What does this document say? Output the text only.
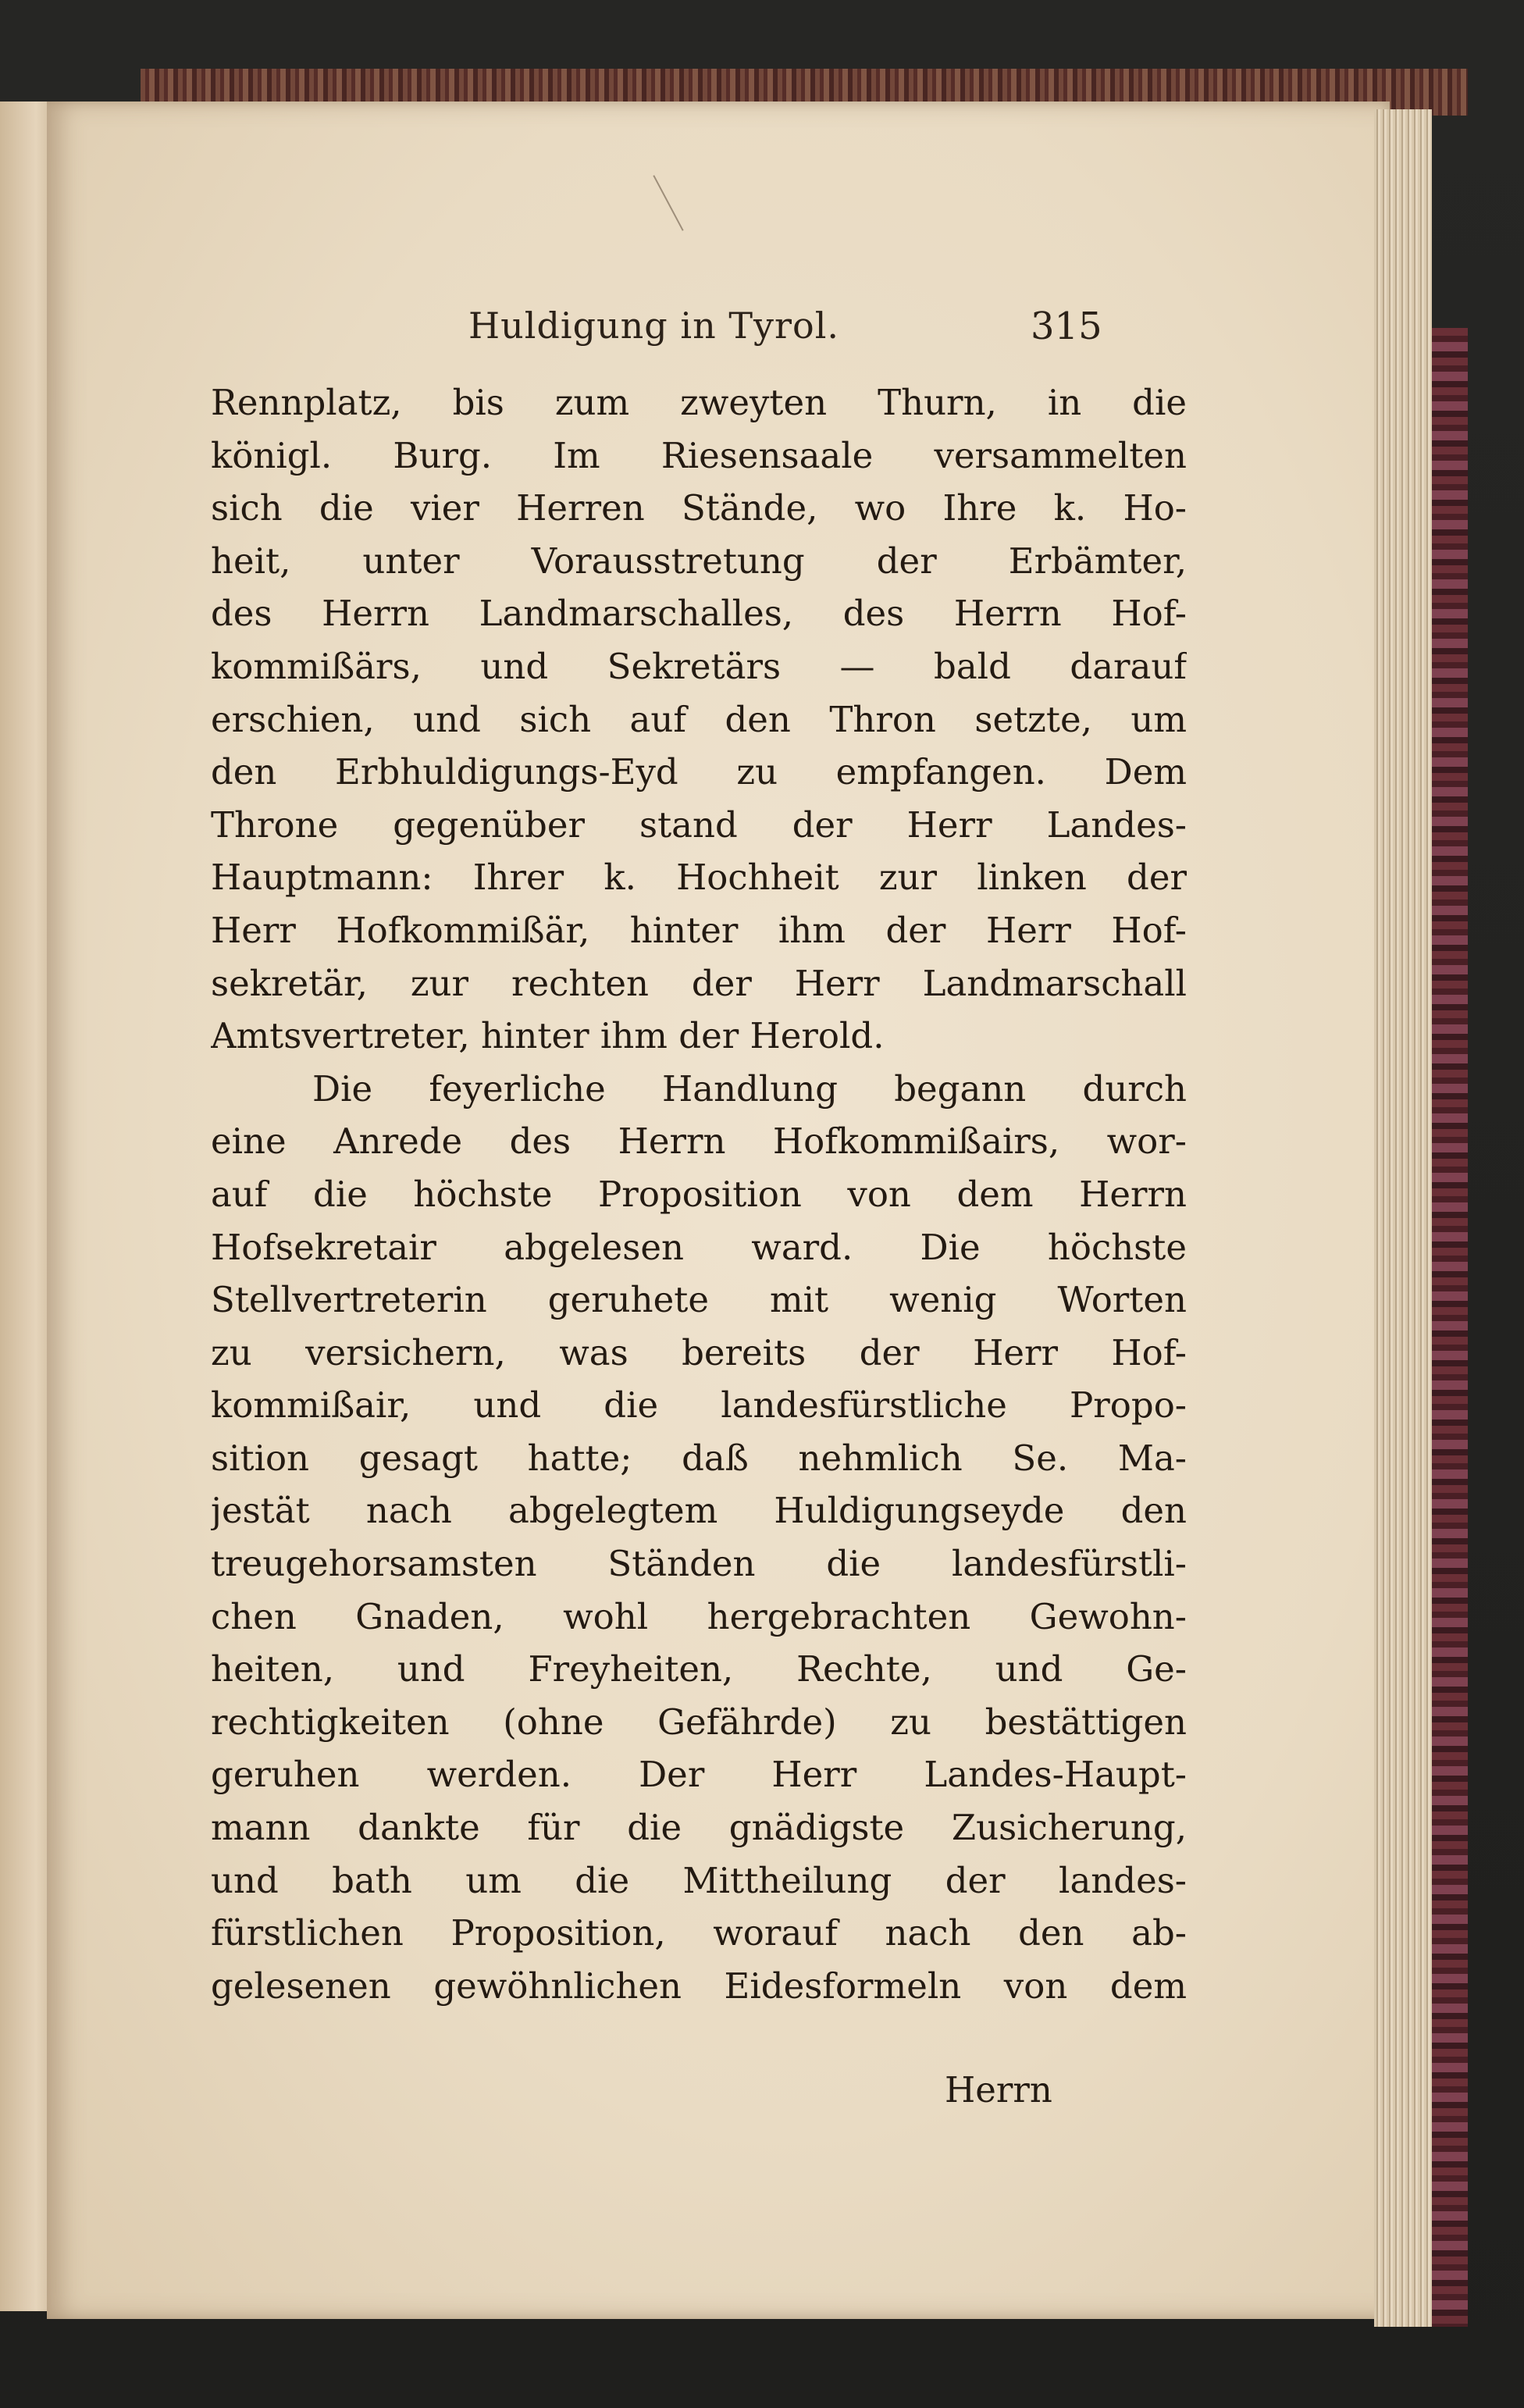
Huldigung in Tyrol.	315
Rennplatz, bis zum zweyten Thurn, in die
königl. Burg. Im Riesensaale versammelten
sich die vier Herren Stände, wo Ihre k. Ho-
heit, unter Vorausstretung der Erbämter,
des Herrn Landmarschalles, des Herrn Hof-
kommißärs, und Sekretärs — bald darauf
erschien, und sich auf den Thron setzte, um
den Erbhuldigungs-Eyd zu empfangen. Dem
Throne gegenüber stand der Herr Landes-
Hauptmann: Ihrer k. Hochheit zur linken der
Herr Hofkommißär, hinter ihm der Herr Hof-
sekretär, zur rechten der Herr Landmarschall
Amtsvertreter, hinter ihm der Herold.
Die feyerliche Handlung begann durch
eine Anrede des Herrn Hofkommißairs, wor-
auf die höchste Proposition von dem Herrn
Hofsekretair abgelesen ward. Die höchste
Stellvertreterin geruhete mit wenig Worten
zu versichern, was bereits der Herr Hof-
kommißair, und die landesfürstliche Propo-
sition gesagt hatte; daß nehmlich Se. Ma-
jestät nach abgelegtem Huldigungseyde den
treugehorsamsten Ständen die landesfürstli-
chen Gnaden, wohl hergebrachten Gewohn-
heiten, und Freyheiten, Rechte, und Ge-
rechtigkeiten (ohne Gefährde) zu bestättigen
geruhen werden. Der Herr Landes-Haupt-
mann dankte für die gnädigste Zusicherung,
und bath um die Mittheilung der landes-
fürstlichen Proposition, worauf nach den ab-
gelesenen gewöhnlichen Eidesformeln von dem
Herrn
